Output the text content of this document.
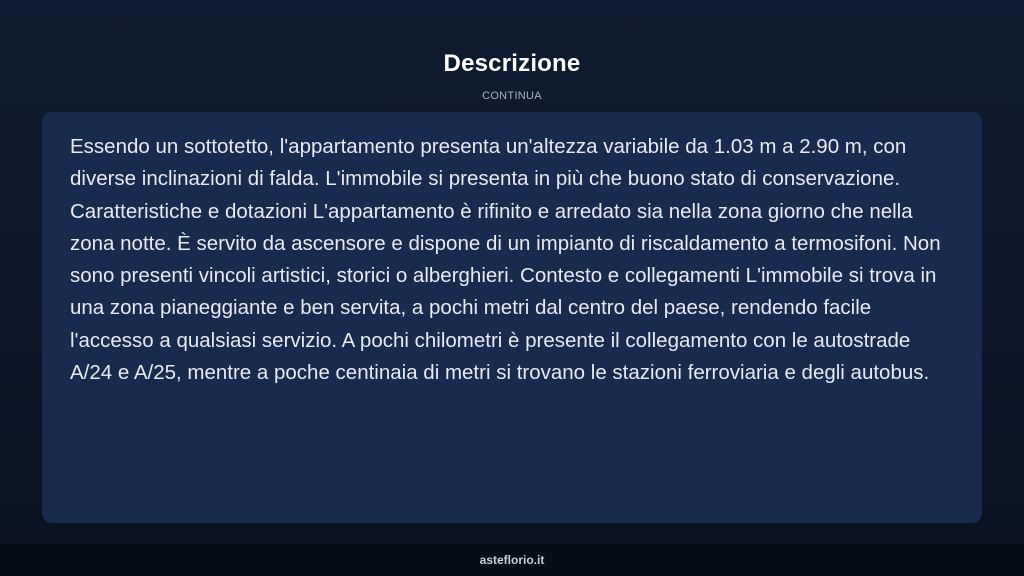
Descrizione
CONTINUA

Essendo un sottotetto, l'appartamento presenta un'altezza variabile da 1.03 m a 2.90 m, con diverse inclinazioni di falda. L'immobile si presenta in più che buono stato di conservazione. Caratteristiche e dotazioni L'appartamento è rifinito e arredato sia nella zona giorno che nella zona notte. È servito da ascensore e dispone di un impianto di riscaldamento a termosifoni. Non sono presenti vincoli artistici, storici o alberghieri. Contesto e collegamenti L'immobile si trova in una zona pianeggiante e ben servita, a pochi metri dal centro del paese, rendendo facile l'accesso a qualsiasi servizio. A pochi chilometri è presente il collegamento con le autostrade A/24 e A/25, mentre a poche centinaia di metri si trovano le stazioni ferroviaria e degli autobus.

asteflorio.it
